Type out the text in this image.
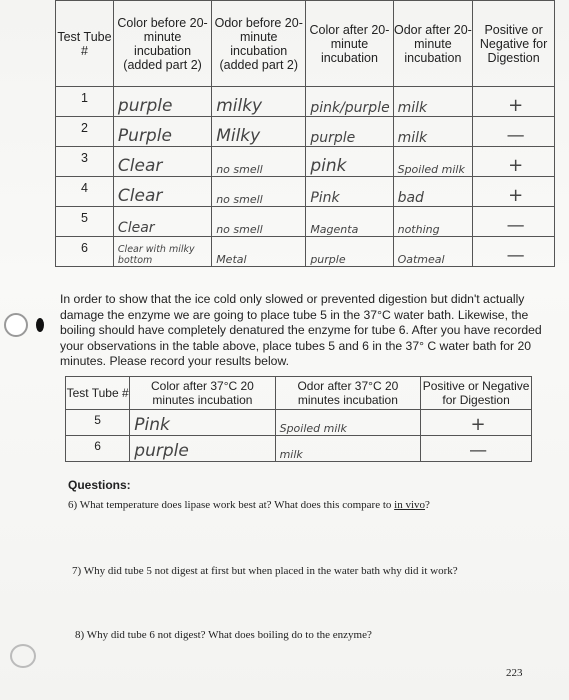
Test Tube #	Color before 20-minute incubation (added part 2)	Odor before 20-minute incubation (added part 2)	Color after 20-minute incubation	Odor after 20-minute incubation	Positive or Negative for Digestion
1	purple	milky	pink/purple	milk	+
2	Purple	Milky	purple	milk	—
3	Clear	no smell	pink	Spoiled milk	+
4	Clear	no smell	Pink	bad	+
5	Clear	no smell	Magenta	nothing	—
6	Clear with milky bottom	Metal	purple	Oatmeal	—

In order to show that the ice cold only slowed or prevented digestion but didn't actually damage the enzyme we are going to place tube 5 in the 37°C water bath. Likewise, the boiling should have completely denatured the enzyme for tube 6. After you have recorded your observations in the table above, place tubes 5 and 6 in the 37° C water bath for 20 minutes. Please record your results below.

Test Tube #	Color after 37°C 20 minutes incubation	Odor after 37°C 20 minutes incubation	Positive or Negative for Digestion
5	Pink	Spoiled milk	+
6	purple	milk	—
Questions:
6) What temperature does lipase work best at? What does this compare to in vivo?
7) Why did tube 5 not digest at first but when placed in the water bath why did it work?
8) Why did tube 6 not digest? What does boiling do to the enzyme?
223
